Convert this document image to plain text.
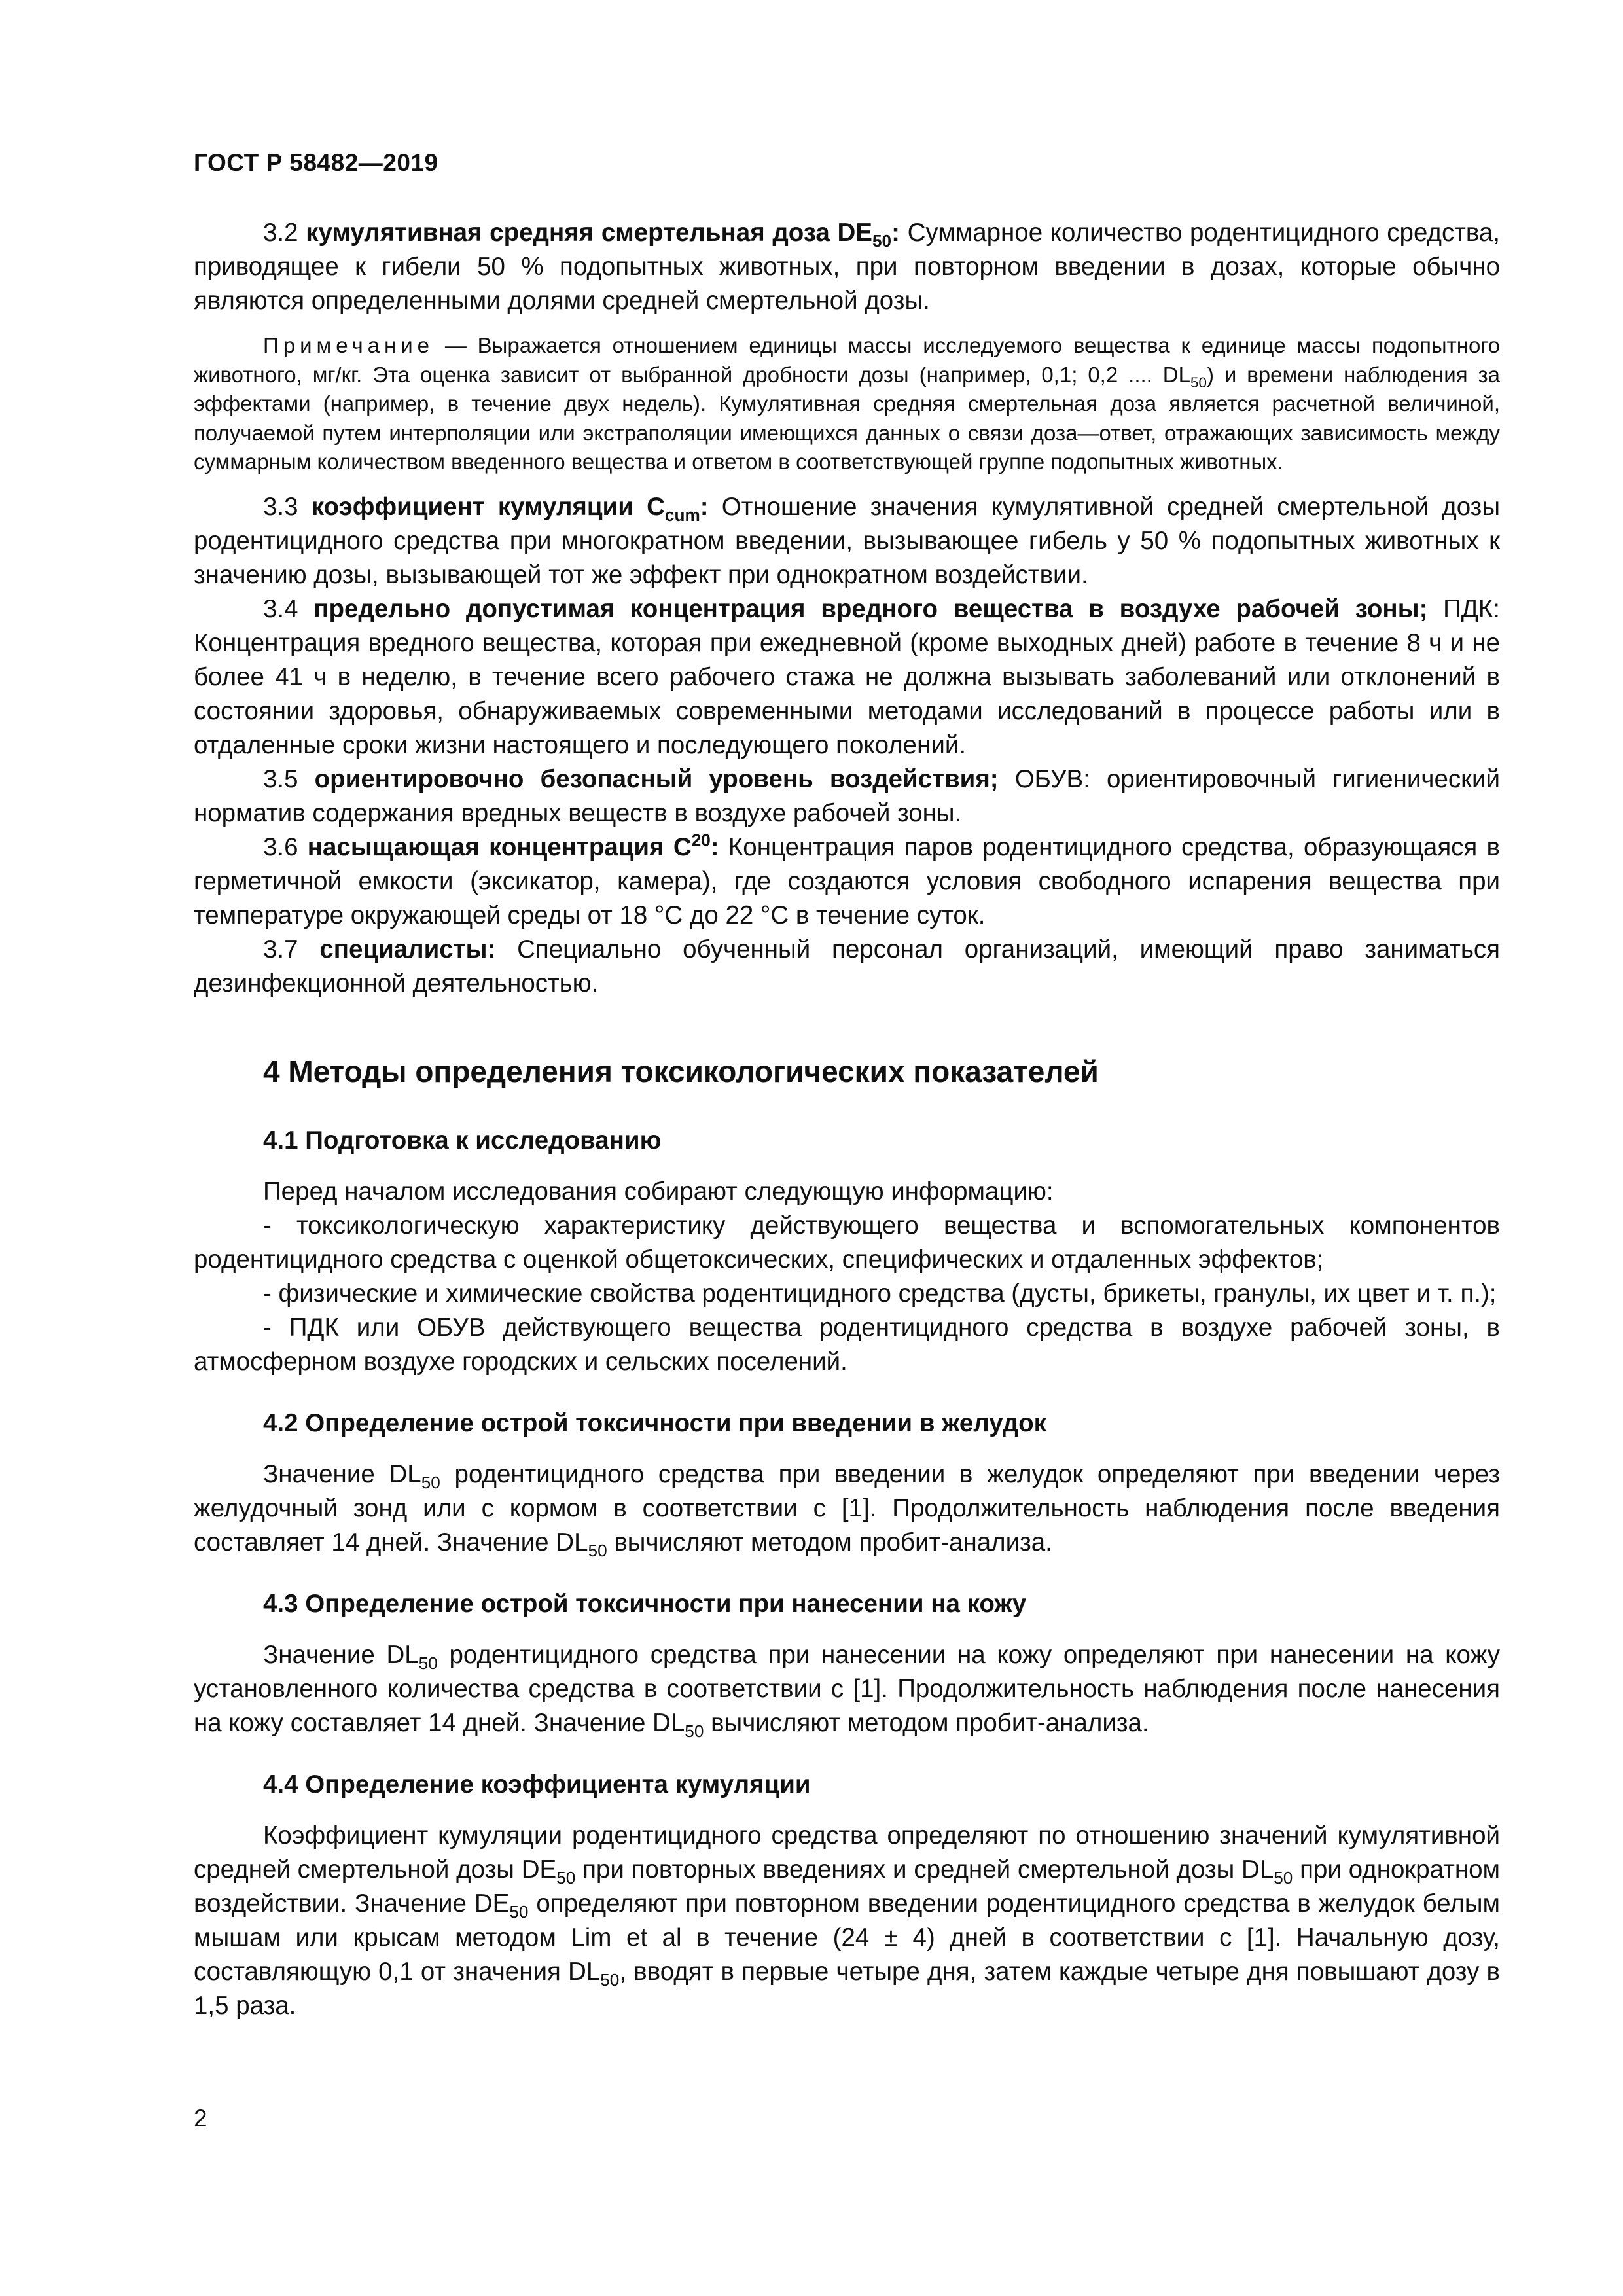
ГОСТ Р 58482—2019

3.2 кумулятивная средняя смертельная доза $DE_{50}$: Суммарное количество родентицидного средства, приводящее к гибели 50 % подопытных животных, при повторном введении в дозах, которые обычно являются определенными долями средней смертельной дозы.

Примечание — Выражается отношением единицы массы исследуемого вещества к единице массы подопытного животного, мг/кг. Эта оценка зависит от выбранной дробности дозы (например, 0,1; 0,2 .... $DL_{50}$) и времени наблюдения за эффектами (например, в течение двух недель). Кумулятивная средняя смертельная доза является расчетной величиной, получаемой путем интерполяции или экстраполяции имеющихся данных о связи доза—ответ, отражающих зависимость между суммарным количеством введенного вещества и ответом в соответствующей группе подопытных животных.

3.3 коэффициент кумуляции $C_{cum}$: Отношение значения кумулятивной средней смертельной дозы родентицидного средства при многократном введении, вызывающее гибель у 50 % подопытных животных к значению дозы, вызывающей тот же эффект при однократном воздействии.

3.4 предельно допустимая концентрация вредного вещества в воздухе рабочей зоны; ПДК: Концентрация вредного вещества, которая при ежедневной (кроме выходных дней) работе в течение 8 ч и не более 41 ч в неделю, в течение всего рабочего стажа не должна вызывать заболеваний или отклонений в состоянии здоровья, обнаруживаемых современными методами исследований в процессе работы или в отдаленные сроки жизни настоящего и последующего поколений.

3.5 ориентировочно безопасный уровень воздействия; ОБУВ: ориентировочный гигиенический норматив содержания вредных веществ в воздухе рабочей зоны.

3.6 насыщающая концентрация $C^{20}$: Концентрация паров родентицидного средства, образующаяся в герметичной емкости (эксикатор, камера), где создаются условия свободного испарения вещества при температуре окружающей среды от 18 °C до 22 °C в течение суток.

3.7 специалисты: Специально обученный персонал организаций, имеющий право заниматься дезинфекционной деятельностью.

4 Методы определения токсикологических показателей
4.1 Подготовка к исследованию

Перед началом исследования собирают следующую информацию:

- токсикологическую характеристику действующего вещества и вспомогательных компонентов родентицидного средства с оценкой общетоксических, специфических и отдаленных эффектов;

- физические и химические свойства родентицидного средства (дусты, брикеты, гранулы, их цвет и т. п.);

- ПДК или ОБУВ действующего вещества родентицидного средства в воздухе рабочей зоны, в атмосферном воздухе городских и сельских поселений.

4.2 Определение острой токсичности при введении в желудок

Значение $DL_{50}$ родентицидного средства при введении в желудок определяют при введении через желудочный зонд или с кормом в соответствии с [1]. Продолжительность наблюдения после введения составляет 14 дней. Значение $DL_{50}$ вычисляют методом пробит-анализа.

4.3 Определение острой токсичности при нанесении на кожу

Значение $DL_{50}$ родентицидного средства при нанесении на кожу определяют при нанесении на кожу установленного количества средства в соответствии с [1]. Продолжительность наблюдения после нанесения на кожу составляет 14 дней. Значение $DL_{50}$ вычисляют методом пробит-анализа.

4.4 Определение коэффициента кумуляции

Коэффициент кумуляции родентицидного средства определяют по отношению значений кумулятивной средней смертельной дозы $DE_{50}$ при повторных введениях и средней смертельной дозы $DL_{50}$ при однократном воздействии. Значение $DE_{50}$ определяют при повторном введении родентицидного средства в желудок белым мышам или крысам методом Lim et al в течение (24 ± 4) дней в соответствии с [1]. Начальную дозу, составляющую 0,1 от значения $DL_{50}$, вводят в первые четыре дня, затем каждые четыре дня повышают дозу в 1,5 раза.

2
